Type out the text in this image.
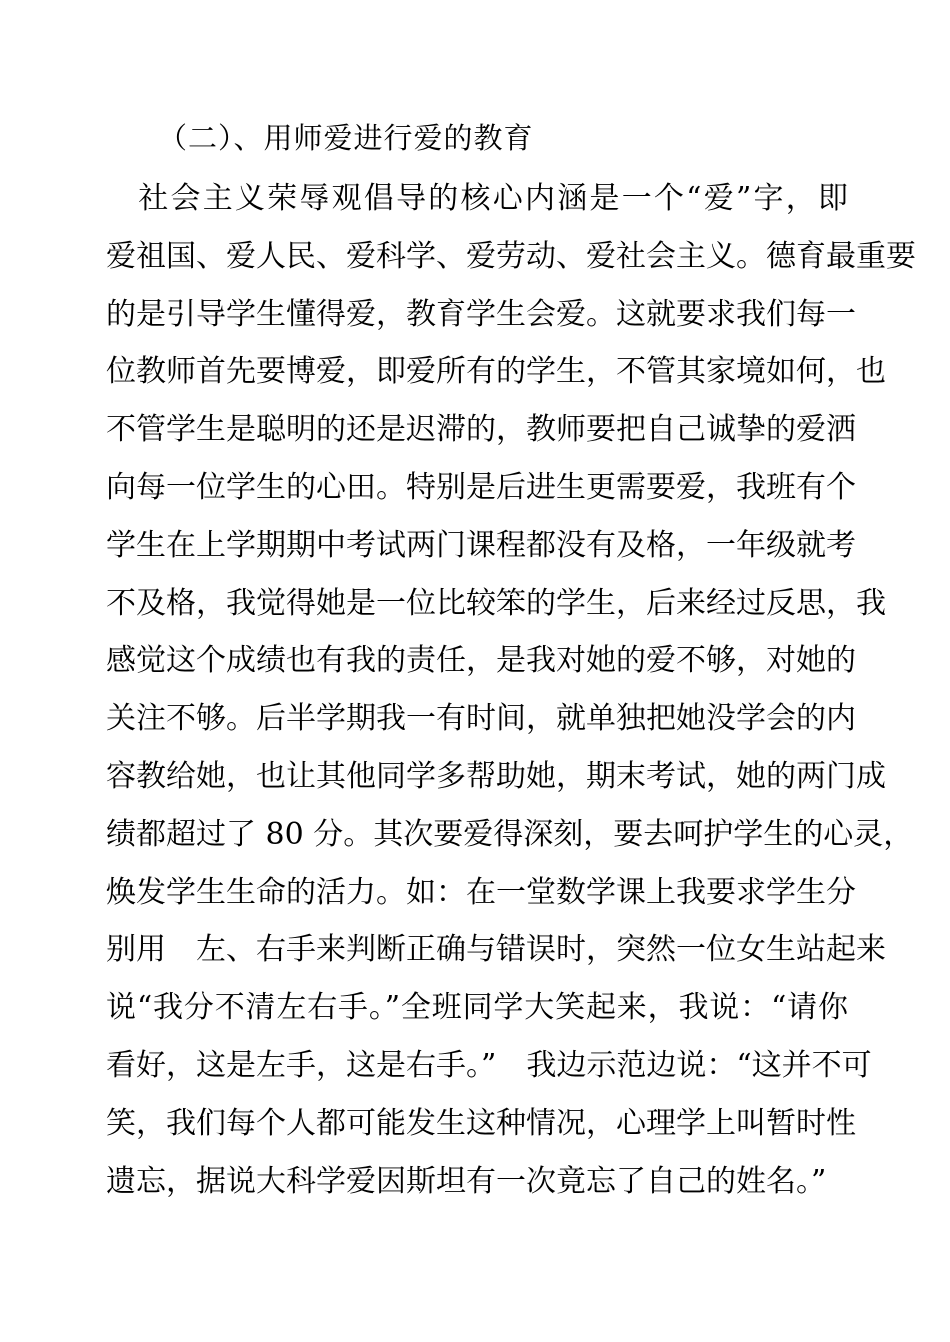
（二）、用师爱进行爱的教育
　社会主义荣辱观倡导的核心内涵是一个“爱”字，即
爱祖国、爱人民、爱科学、爱劳动、爱社会主义。德育最重要
的是引导学生懂得爱，教育学生会爱。这就要求我们每一
位教师首先要博爱，即爱所有的学生，不管其家境如何，也
不管学生是聪明的还是迟滞的，教师要把自己诚挚的爱洒
向每一位学生的心田。特别是后进生更需要爱，我班有个
学生在上学期期中考试两门课程都没有及格，一年级就考
不及格，我觉得她是一位比较笨的学生，后来经过反思，我
感觉这个成绩也有我的责任，是我对她的爱不够，对她的
关注不够。后半学期我一有时间，就单独把她没学会的内
容教给她，也让其他同学多帮助她，期末考试，她的两门成
绩都超过了 80 分。其次要爱得深刻，要去呵护学生的心灵，
焕发学生生命的活力。如：在一堂数学课上我要求学生分
别用　左、右手来判断正确与错误时，突然一位女生站起来
说“我分不清左右手。”全班同学大笑起来，我说：“请你
看好，这是左手，这是右手。”　我边示范边说：“这并不可
笑，我们每个人都可能发生这种情况，心理学上叫暂时性
遗忘，据说大科学爱因斯坦有一次竟忘了自己的姓名。”
